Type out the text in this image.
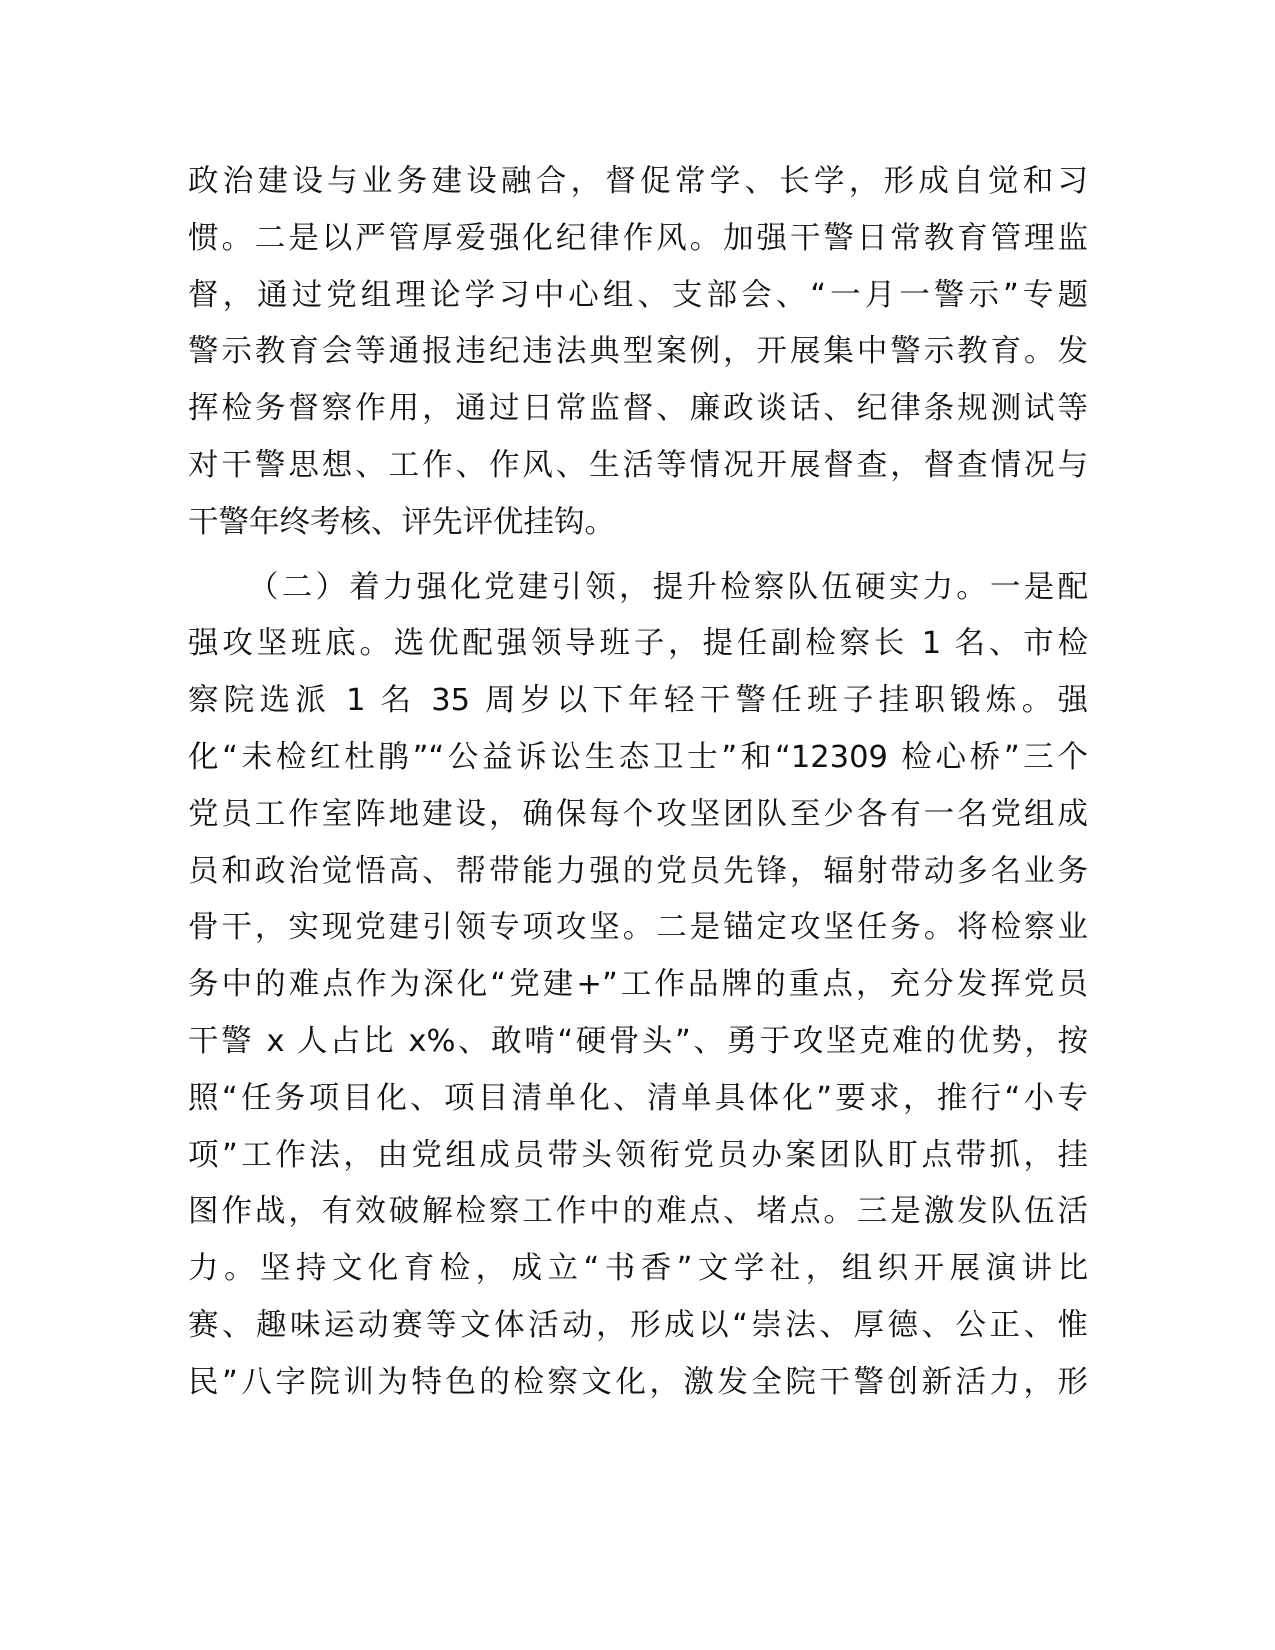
政治建设与业务建设融合，督促常学、长学，形成自觉和习
惯。二是以严管厚爱强化纪律作风。加强干警日常教育管理监
督，通过党组理论学习中心组、支部会、“一月一警示”专题
警示教育会等通报违纪违法典型案例，开展集中警示教育。发
挥检务督察作用，通过日常监督、廉政谈话、纪律条规测试等
对干警思想、工作、作风、生活等情况开展督查，督查情况与
干警年终考核、评先评优挂钩。
（二）着力强化党建引领，提升检察队伍硬实力。一是配
强攻坚班底。选优配强领导班子，提任副检察长 1 名、市检
察院选派 1 名 35 周岁以下年轻干警任班子挂职锻炼。强
化“未检红杜鹃”“公益诉讼生态卫士”和“12309 检心桥”三个
党员工作室阵地建设，确保每个攻坚团队至少各有一名党组成
员和政治觉悟高、帮带能力强的党员先锋，辐射带动多名业务
骨干，实现党建引领专项攻坚。二是锚定攻坚任务。将检察业
务中的难点作为深化“党建+”工作品牌的重点，充分发挥党员
干警 x 人占比 x%、敢啃“硬骨头”、勇于攻坚克难的优势，按
照“任务项目化、项目清单化、清单具体化”要求，推行“小专
项”工作法，由党组成员带头领衔党员办案团队盯点带抓，挂
图作战，有效破解检察工作中的难点、堵点。三是激发队伍活
力。坚持文化育检，成立“书香”文学社，组织开展演讲比
赛、趣味运动赛等文体活动，形成以“崇法、厚德、公正、惟
民”八字院训为特色的检察文化，激发全院干警创新活力，形
